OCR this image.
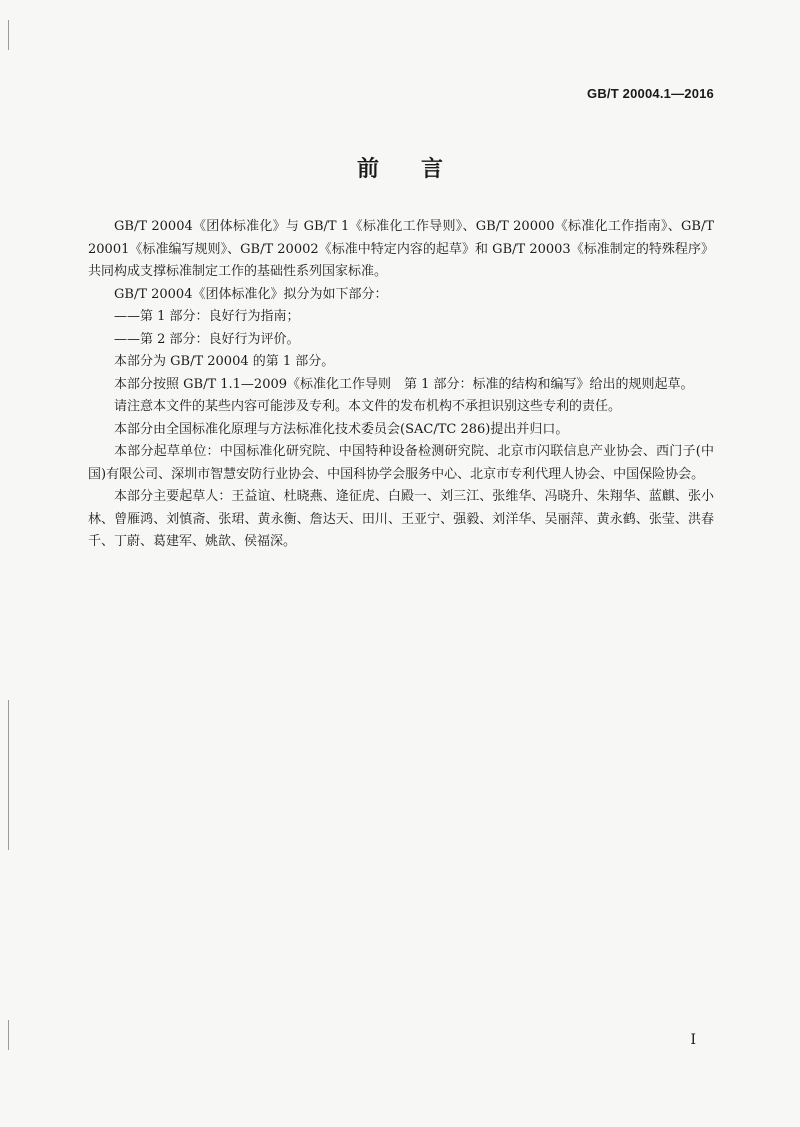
GB/T 20004.1—2016
前 言

GB/T 20004《团体标准化》与 GB/T 1《标准化工作导则》、GB/T 20000《标准化工作指南》、GB/T 20001《标准编写规则》、GB/T 20002《标准中特定内容的起草》和 GB/T 20003《标准制定的特殊程序》共同构成支撑标准制定工作的基础性系列国家标准。

GB/T 20004《团体标准化》拟分为如下部分：

——第 1 部分：良好行为指南；

——第 2 部分：良好行为评价。

本部分为 GB/T 20004 的第 1 部分。

本部分按照 GB/T 1.1—2009《标准化工作导则　第 1 部分：标准的结构和编写》给出的规则起草。

请注意本文件的某些内容可能涉及专利。本文件的发布机构不承担识别这些专利的责任。

本部分由全国标准化原理与方法标准化技术委员会(SAC/TC 286)提出并归口。

本部分起草单位：中国标准化研究院、中国特种设备检测研究院、北京市闪联信息产业协会、西门子(中国)有限公司、深圳市智慧安防行业协会、中国科协学会服务中心、北京市专利代理人协会、中国保险协会。

本部分主要起草人：王益谊、杜晓燕、逄征虎、白殿一、刘三江、张维华、冯晓升、朱翔华、蓝麒、张小林、曾雁鸿、刘慎斋、张珺、黄永衡、詹达天、田川、王亚宁、强毅、刘洋华、吴丽萍、黄永鹤、张莹、洪春千、丁蔚、葛建军、姚歆、侯福深。

I
